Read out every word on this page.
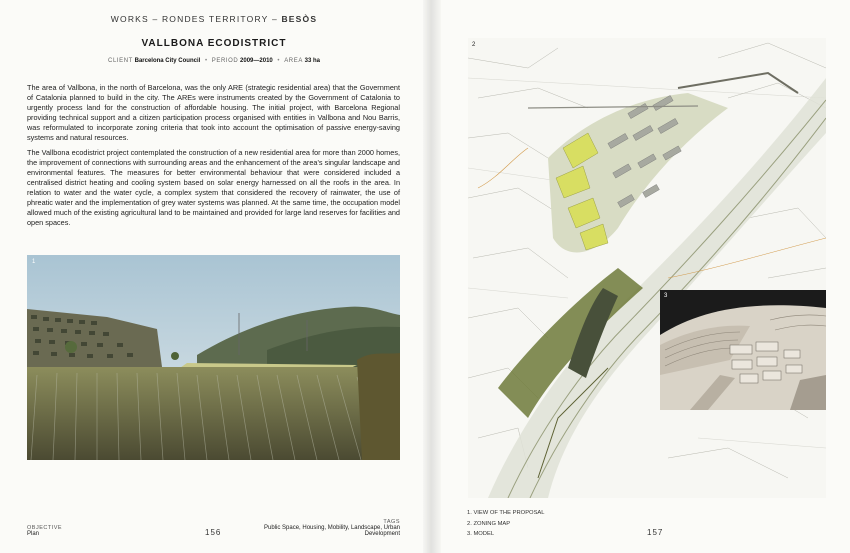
WORKS – RONDES TERRITORY – BESÒS
VALLBONA ECODISTRICT
CLIENT Barcelona City Council • PERIOD 2009—2010 • AREA 33 ha

The area of Vallbona, in the north of Barcelona, was the only ARE (strategic residential area) that the Government of Catalonia planned to build in the city. The AREs were instruments created by the Government of Catalonia to urgently process land for the construction of affordable housing. The initial project, with Barcelona Regional providing technical support and a citizen participation process organised with entities in Vallbona and Nou Barris, was reformulated to incorporate zoning criteria that took into account the optimisation of passive energy-saving systems and natural resources.

The Vallbona ecodistrict project contemplated the construction of a new residential area for more than 2000 homes, the improvement of connections with surrounding areas and the enhancement of the area's singular landscape and environmental features. The measures for better environmental behaviour that were considered included a centralised district heating and cooling system based on solar energy harnessed on all the roofs in the area. In relation to water and the water cycle, a complex system that considered the recovery of rainwater, the use of phreatic water and the implementation of grey water systems was planned. At the same time, the occupation model allowed much of the existing agricultural land to be maintained and provided for large land reserves for facilities and open spaces.

1
OBJECTIVE
Plan	156
TAGS
Public Space, Housing, Mobility, Landscape, Urban
Development
2
1. VIEW OF THE PROPOSAL
2. ZONING MAP
3. MODEL	157
3
